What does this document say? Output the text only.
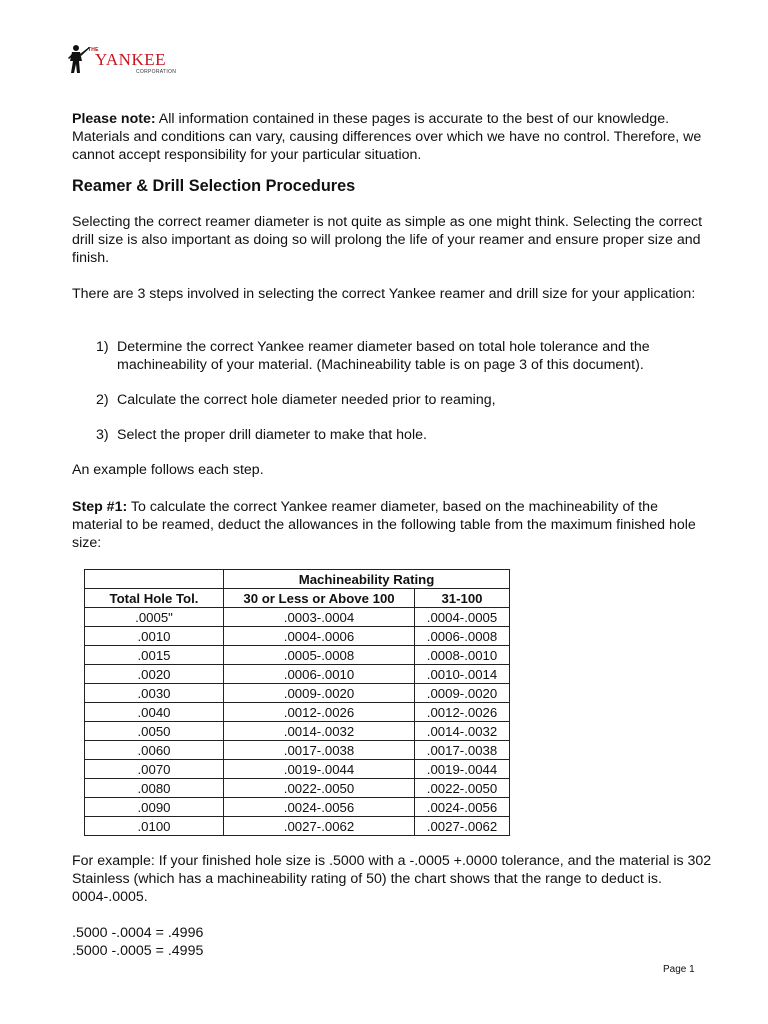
THE
YANKEE
CORPORATION

Please note: All information contained in these pages is accurate to the best of our knowledge. Materials and conditions can vary, causing differences over which we have no control. Therefore, we cannot accept responsibility for your particular situation.

Reamer & Drill Selection Procedures

Selecting the correct reamer diameter is not quite as simple as one might think. Selecting the correct drill size is also important as doing so will prolong the life of your reamer and ensure proper size and finish.

There are 3 steps involved in selecting the correct Yankee reamer and drill size for your application:

1) Determine the correct Yankee reamer diameter based on total hole tolerance and the machineability of your material. (Machineability table is on page 3 of this document).
2) Calculate the correct hole diameter needed prior to reaming,
3) Select the proper drill diameter to make that hole.

An example follows each step.

Step #1: To calculate the correct Yankee reamer diameter, based on the machineability of the material to be reamed, deduct the allowances in the following table from the maximum finished hole size:

	Machineability Rating	
Total Hole Tol.	30 or Less or Above 100	31-100
.0005"	.0003-.0004	.0004-.0005
.0010	.0004-.0006	.0006-.0008
.0015	.0005-.0008	.0008-.0010
.0020	.0006-.0010	.0010-.0014
.0030	.0009-.0020	.0009-.0020
.0040	.0012-.0026	.0012-.0026
.0050	.0014-.0032	.0014-.0032
.0060	.0017-.0038	.0017-.0038
.0070	.0019-.0044	.0019-.0044
.0080	.0022-.0050	.0022-.0050
.0090	.0024-.0056	.0024-.0056
.0100	.0027-.0062	.0027-.0062

For example: If your finished hole size is .5000 with a -.0005 +.0000 tolerance, and the material is 302 Stainless (which has a machineability rating of 50) the chart shows that the range to deduct is. 0004-.0005.

.5000 -.0004 = .4996

.5000 -.0005 = .4995

Page 1
